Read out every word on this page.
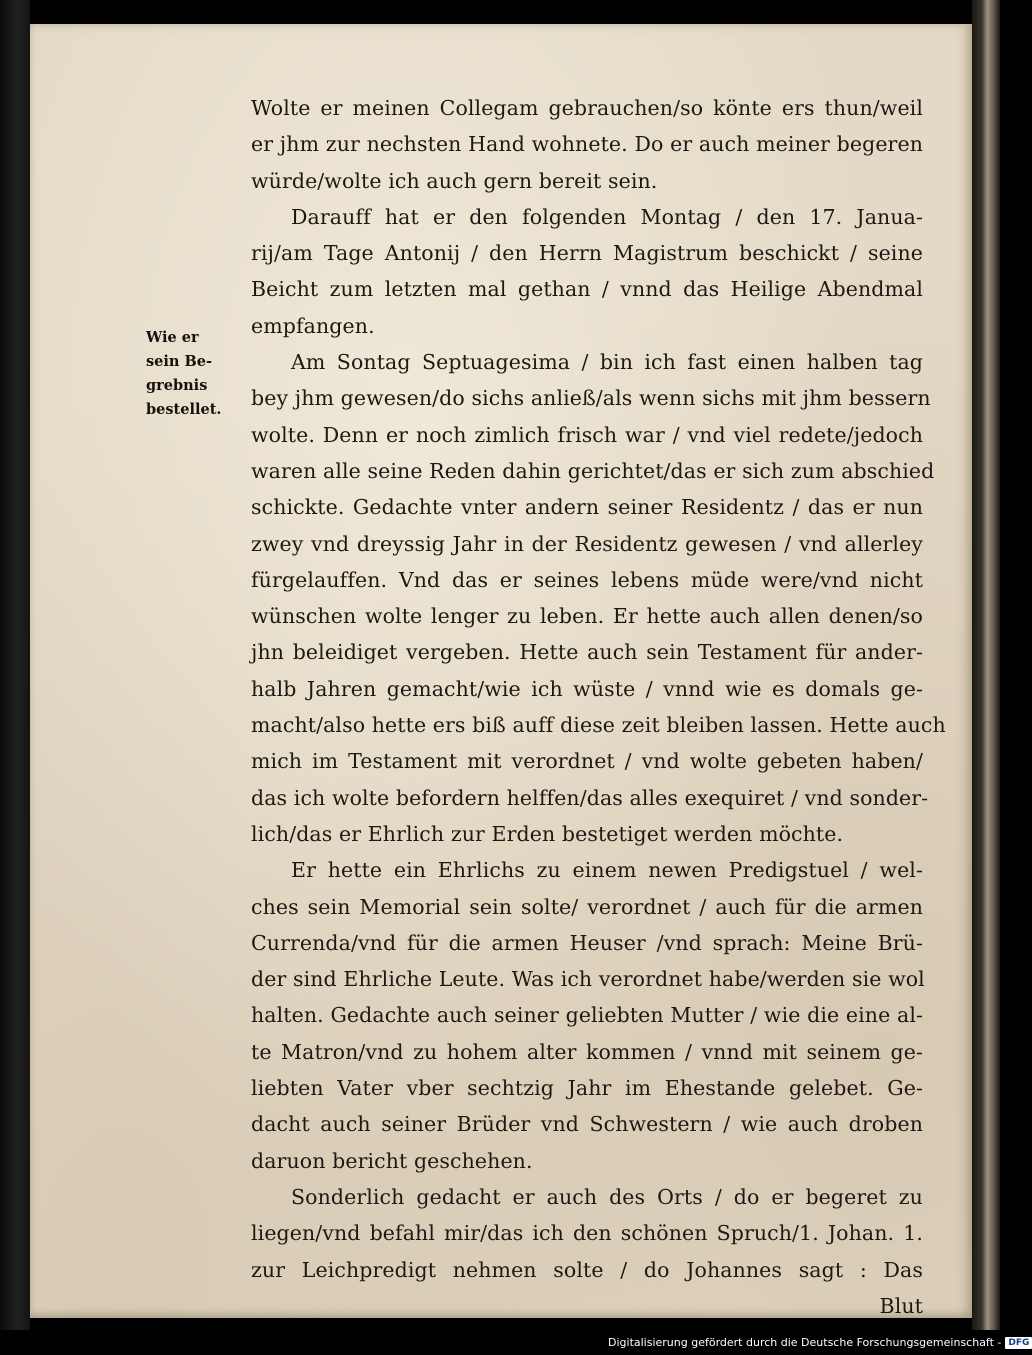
Wie er
sein Be-
grebnis
bestellet.
Wolte er meinen Collegam gebrauchen/so könte ers thun/weil
er jhm zur nechsten Hand wohnete. Do er auch meiner begeren
würde/wolte ich auch gern bereit sein.
Darauff hat er den folgenden Montag / den 17. Janua-
rij/am Tage Antonij / den Herrn Magistrum beschickt / seine
Beicht zum letzten mal gethan / vnnd das Heilige Abendmal
empfangen.
Am Sontag Septuagesima / bin ich fast einen halben tag
bey jhm gewesen/do sichs anließ/als wenn sichs mit jhm bessern
wolte. Denn er noch zimlich frisch war / vnd viel redete/jedoch
waren alle seine Reden dahin gerichtet/das er sich zum abschied
schickte. Gedachte vnter andern seiner Residentz / das er nun
zwey vnd dreyssig Jahr in der Residentz gewesen / vnd allerley
fürgelauffen. Vnd das er seines lebens müde were/vnd nicht
wünschen wolte lenger zu leben. Er hette auch allen denen/so
jhn beleidiget vergeben. Hette auch sein Testament für ander-
halb Jahren gemacht/wie ich wüste / vnnd wie es domals ge-
macht/also hette ers biß auff diese zeit bleiben lassen. Hette auch
mich im Testament mit verordnet / vnd wolte gebeten haben/
das ich wolte befordern helffen/das alles exequiret / vnd sonder-
lich/das er Ehrlich zur Erden bestetiget werden möchte.
Er hette ein Ehrlichs zu einem newen Predigstuel / wel-
ches sein Memorial sein solte/ verordnet / auch für die armen
Currenda/vnd für die armen Heuser /vnd sprach: Meine Brü-
der sind Ehrliche Leute. Was ich verordnet habe/werden sie wol
halten. Gedachte auch seiner geliebten Mutter / wie die eine al-
te Matron/vnd zu hohem alter kommen / vnnd mit seinem ge-
liebten Vater vber sechtzig Jahr im Ehestande gelebet. Ge-
dacht auch seiner Brüder vnd Schwestern / wie auch droben
daruon bericht geschehen.
Sonderlich gedacht er auch des Orts / do er begeret zu
liegen/vnd befahl mir/das ich den schönen Spruch/1. Johan. 1.
zur Leichpredigt nehmen solte / do Johannes sagt : Das
Blut
Digitalisierung gefördert durch die Deutsche Forschungsgemeinschaft - DFG
